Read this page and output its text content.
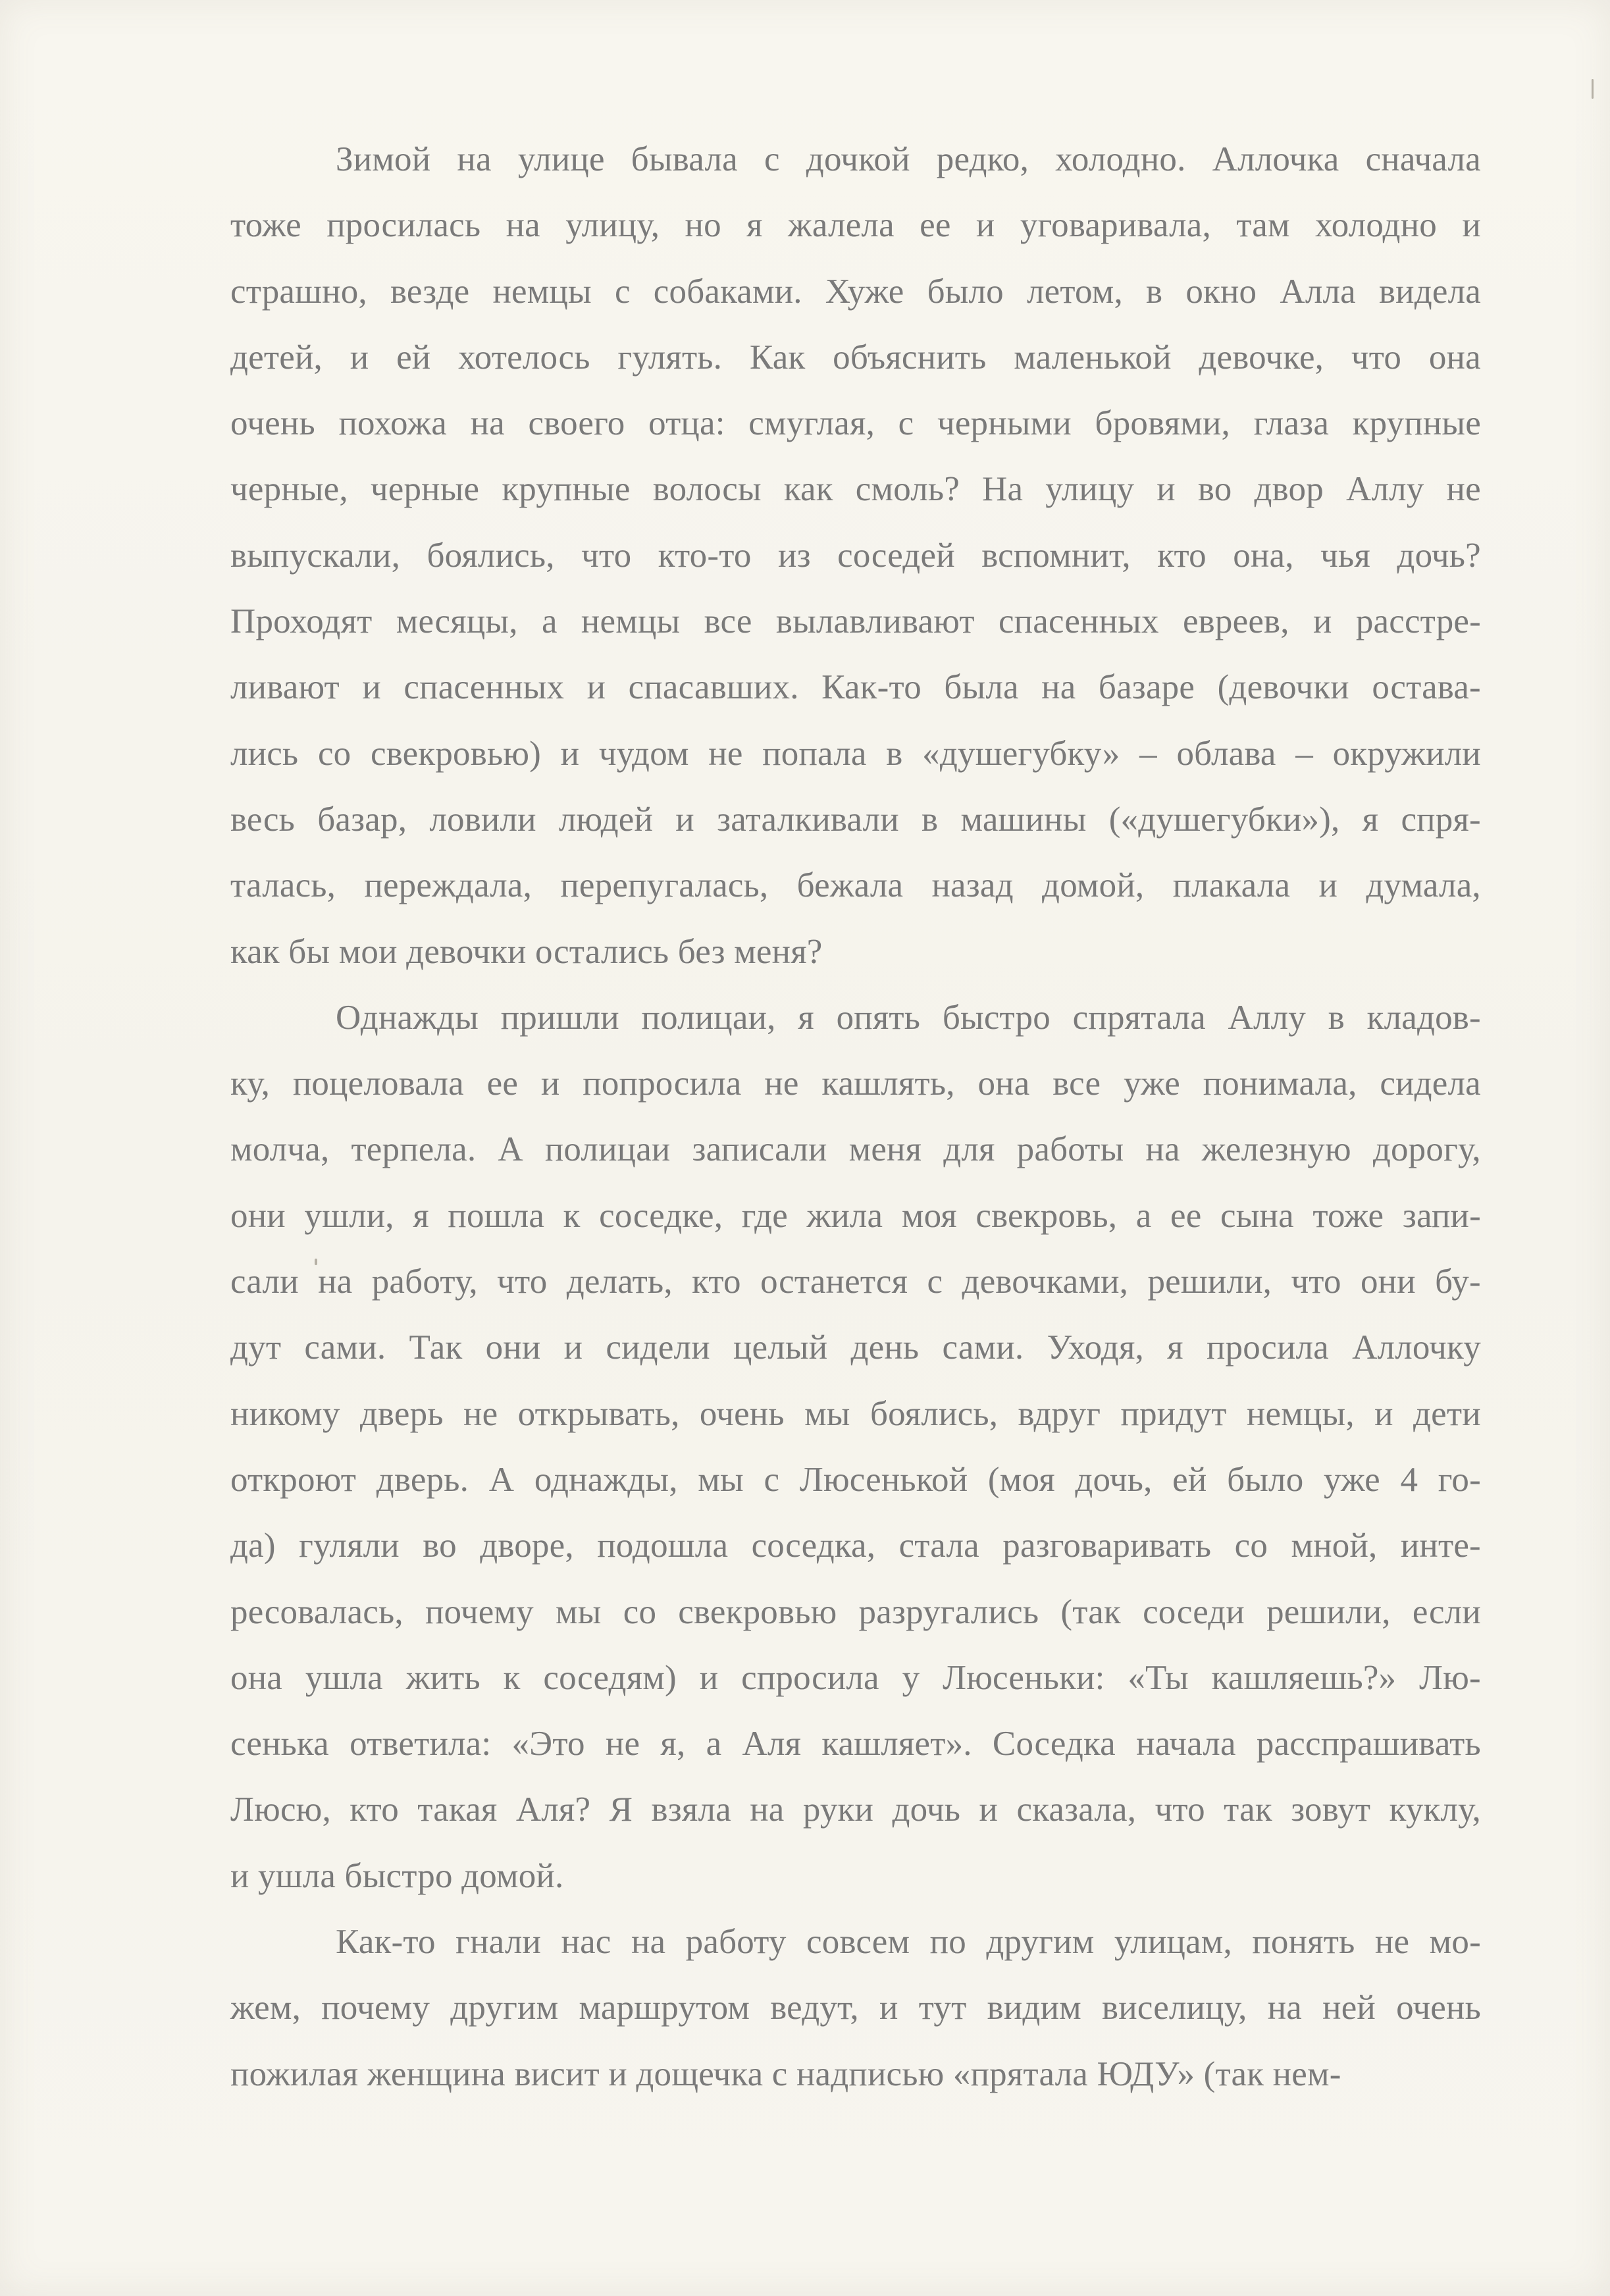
Зимой на улице бывала с дочкой редко, холодно. Аллочка сначала
тоже просилась на улицу, но я жалела ее и уговаривала, там холодно и
страшно, везде немцы с собаками. Хуже было летом, в окно Алла видела
детей, и ей хотелось гулять. Как объяснить маленькой девочке, что она
очень похожа на своего отца: смуглая, с черными бровями, глаза крупные
черные, черные крупные волосы как смоль? На улицу и во двор Аллу не
выпускали, боялись, что кто-то из соседей вспомнит, кто она, чья дочь?
Проходят месяцы, а немцы все вылавливают спасенных евреев, и расстре-
ливают и спасенных и спасавших. Как-то была на базаре (девочки остава-
лись со свекровью) и чудом не попала в «душегубку» – облава – окружили
весь базар, ловили людей и заталкивали в машины («душегубки»), я спря-
талась, переждала, перепугалась, бежала назад домой, плакала и думала,
как бы мои девочки остались без меня?
Однажды пришли полицаи, я опять быстро спрятала Аллу в кладов-
ку, поцеловала ее и попросила не кашлять, она все уже понимала, сидела
молча, терпела. А полицаи записали меня для работы на железную дорогу,
они ушли, я пошла к соседке, где жила моя свекровь, а ее сына тоже запи-
сали на работу, что делать, кто останется с девочками, решили, что они бу-
дут сами. Так они и сидели целый день сами. Уходя, я просила Аллочку
никому дверь не открывать, очень мы боялись, вдруг придут немцы, и дети
откроют дверь. А однажды, мы с Люсенькой (моя дочь, ей было уже 4 го-
да) гуляли во дворе, подошла соседка, стала разговаривать со мной, инте-
ресовалась, почему мы со свекровью разругались (так соседи решили, если
она ушла жить к соседям) и спросила у Люсеньки: «Ты кашляешь?» Лю-
сенька ответила: «Это не я, а Аля кашляет». Соседка начала расспрашивать
Люсю, кто такая Аля? Я взяла на руки дочь и сказала, что так зовут куклу,
и ушла быстро домой.
Как-то гнали нас на работу совсем по другим улицам, понять не мо-
жем, почему другим маршрутом ведут, и тут видим виселицу, на ней очень
пожилая женщина висит и дощечка с надписью «прятала ЮДУ» (так нем-
